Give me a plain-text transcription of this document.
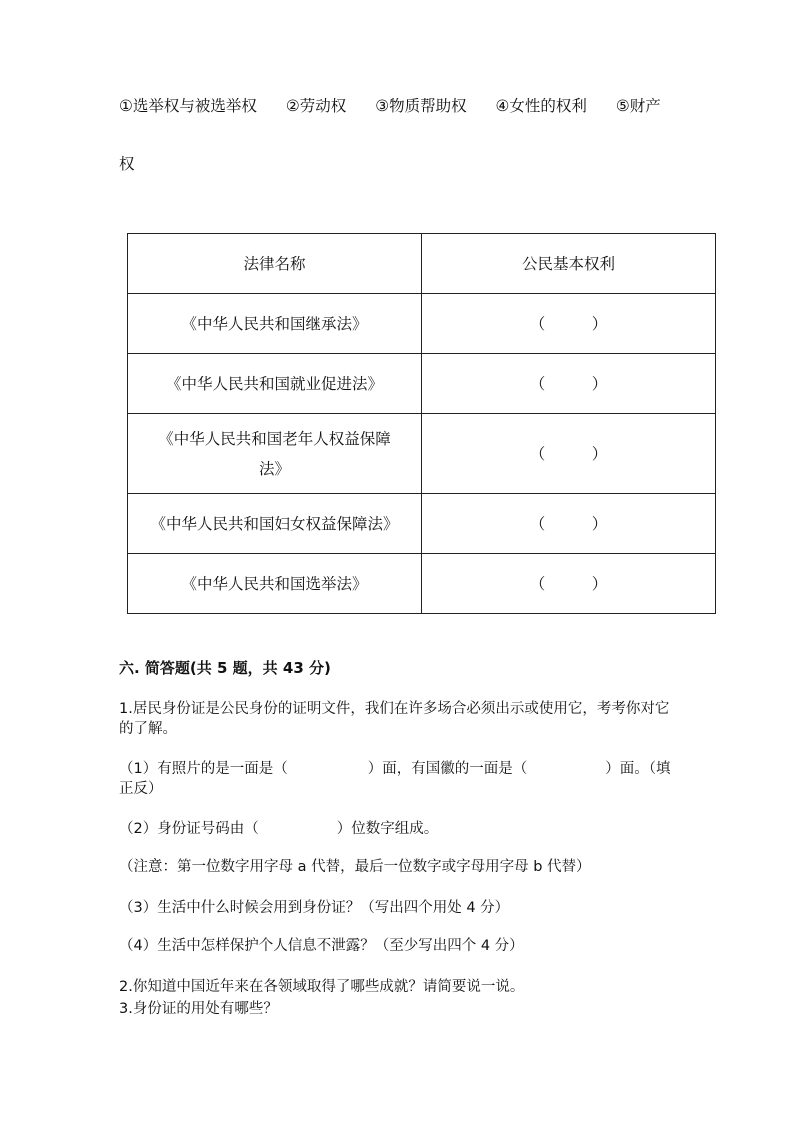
①选举权与被选举权 ②劳动权 ③物质帮助权 ④女性的权利 ⑤财产
权
法律名称	公民基本权利
《中华人民共和国继承法》	（　　　）
《中华人民共和国就业促进法》	（　　　）

《中华人民共和国老年人权益保障
法》	（　　　）
《中华人民共和国妇女权益保障法》	（　　　）
《中华人民共和国选举法》	（　　　）
六. 简答题(共 5 题，共 43 分)
1.居民身份证是公民身份的证明文件，我们在许多场合必须出示或使用它，考考你对它的了解。
（1）有照片的是一面是（	）面，有国徽的一面是（	）面。（填正反）
（2）身份证号码由（	）位数字组成。
（注意：第一位数字用字母 a 代替，最后一位数字或字母用字母 b 代替）
（3）生活中什么时候会用到身份证？（写出四个用处 4 分）
（4）生活中怎样保护个人信息不泄露？（至少写出四个 4 分）
2.你知道中国近年来在各领域取得了哪些成就？请简要说一说。
3.身份证的用处有哪些？
